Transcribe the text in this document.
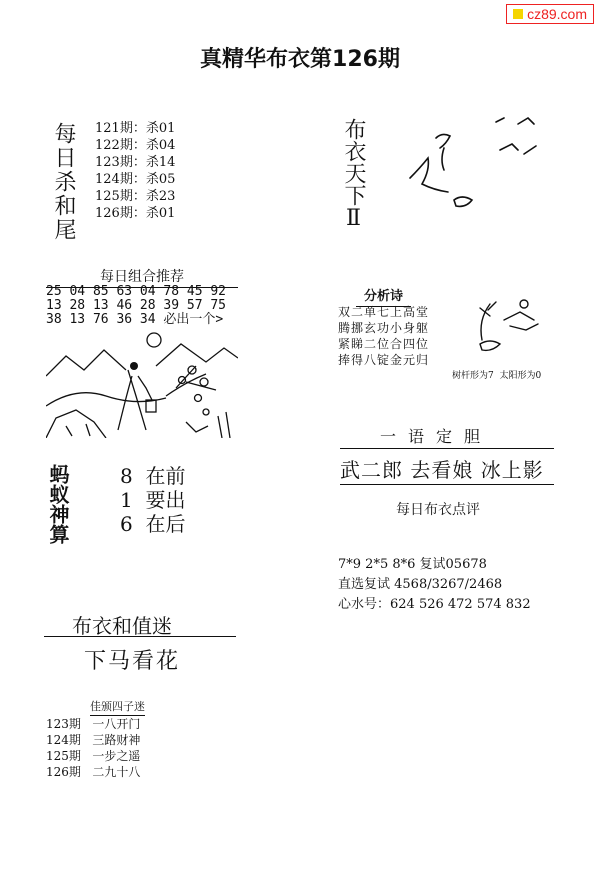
cz89.com
真精华布衣第126期
每日杀和尾 121期：杀01
122期：杀04
123期：杀14
124期：杀05
125期：杀23
126期：杀01
每日组合推荐
25 04 85 63 04 78 45 92
13 28 13 46 28 39 57 75
38 13 76 36 34 必出一个>
蚂蚁神算	8 在前
1 要出
6 在后
布衣和值迷
下马看花
佳颁四子迷
123期 一八开门
124期 三路财神
125期 一步之遥
126期 二九十八
布衣天下Ⅱ
分析诗
双二单七上高堂
腾挪玄功小身躯
紧睇二位合四位
捧得八锭金元归
树杆形为7  太阳形为0
一语定胆
武二郎 去看娘 冰上影
每日布衣点评
7*9 2*5 8*6 复试05678
直选复试 4568/3267/2468
心水号：624 526 472 574 832
